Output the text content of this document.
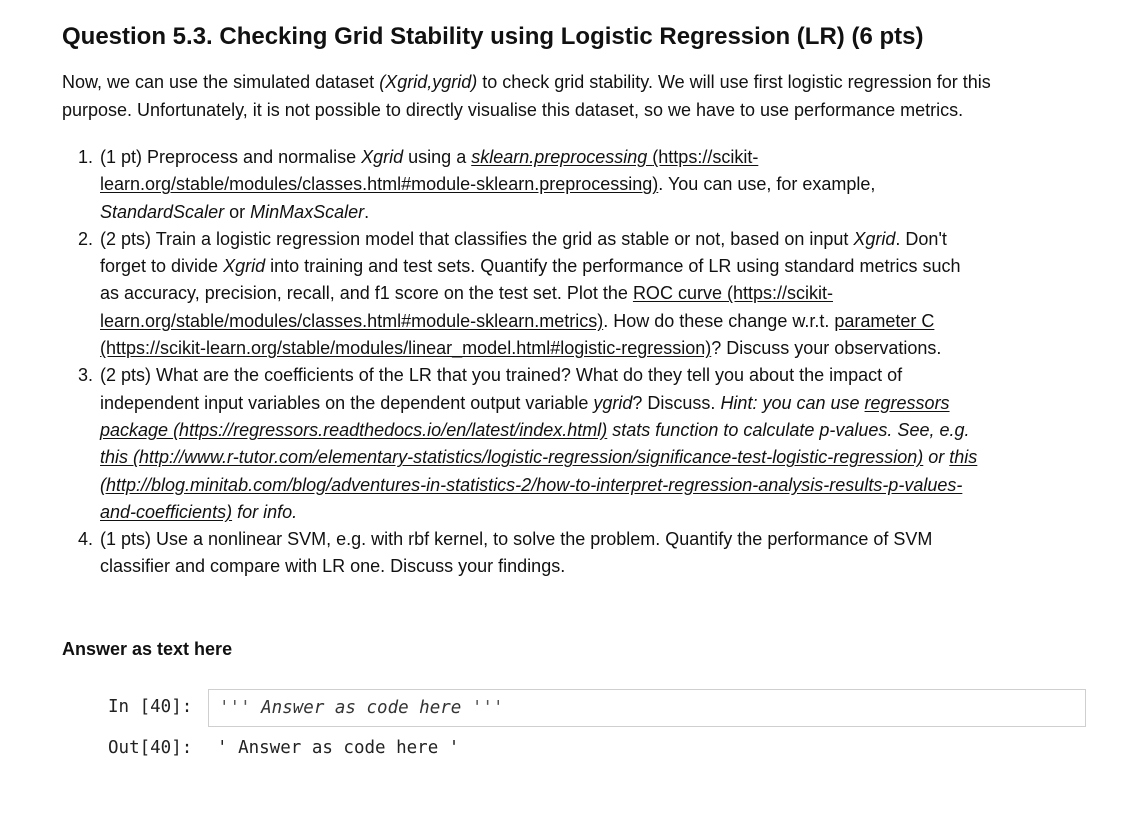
Question 5.3. Checking Grid Stability using Logistic Regression (LR) (6 pts)

Now, we can use the simulated dataset (Xgrid,ygrid) to check grid stability. We will use first logistic regression for this
purpose. Unfortunately, it is not possible to directly visualise this dataset, so we have to use performance metrics.

1. (1 pt) Preprocess and normalise Xgrid using a sklearn.preprocessing (https://scikit-
learn.org/stable/modules/classes.html#module-sklearn.preprocessing). You can use, for example,
StandardScaler or MinMaxScaler.
2. (2 pts) Train a logistic regression model that classifies the grid as stable or not, based on input Xgrid. Don't
forget to divide Xgrid into training and test sets. Quantify the performance of LR using standard metrics such
as accuracy, precision, recall, and f1 score on the test set. Plot the ROC curve (https://scikit-
learn.org/stable/modules/classes.html#module-sklearn.metrics). How do these change w.r.t. parameter C
(https://scikit-learn.org/stable/modules/linear_model.html#logistic-regression)? Discuss your observations.
3. (2 pts) What are the coefficients of the LR that you trained? What do they tell you about the impact of
independent input variables on the dependent output variable ygrid? Discuss. Hint: you can use regressors
package (https://regressors.readthedocs.io/en/latest/index.html) stats function to calculate p-values. See, e.g.
this (http://www.r-tutor.com/elementary-statistics/logistic-regression/significance-test-logistic-regression) or this
(http://blog.minitab.com/blog/adventures-in-statistics-2/how-to-interpret-regression-analysis-results-p-values-
and-coefficients) for info.
4. (1 pts) Use a nonlinear SVM, e.g. with rbf kernel, to solve the problem. Quantify the performance of SVM
classifier and compare with LR one. Discuss your findings.

Answer as text here

In [40]: ''' Answer as code here '''
Out[40]: ' Answer as code here '
